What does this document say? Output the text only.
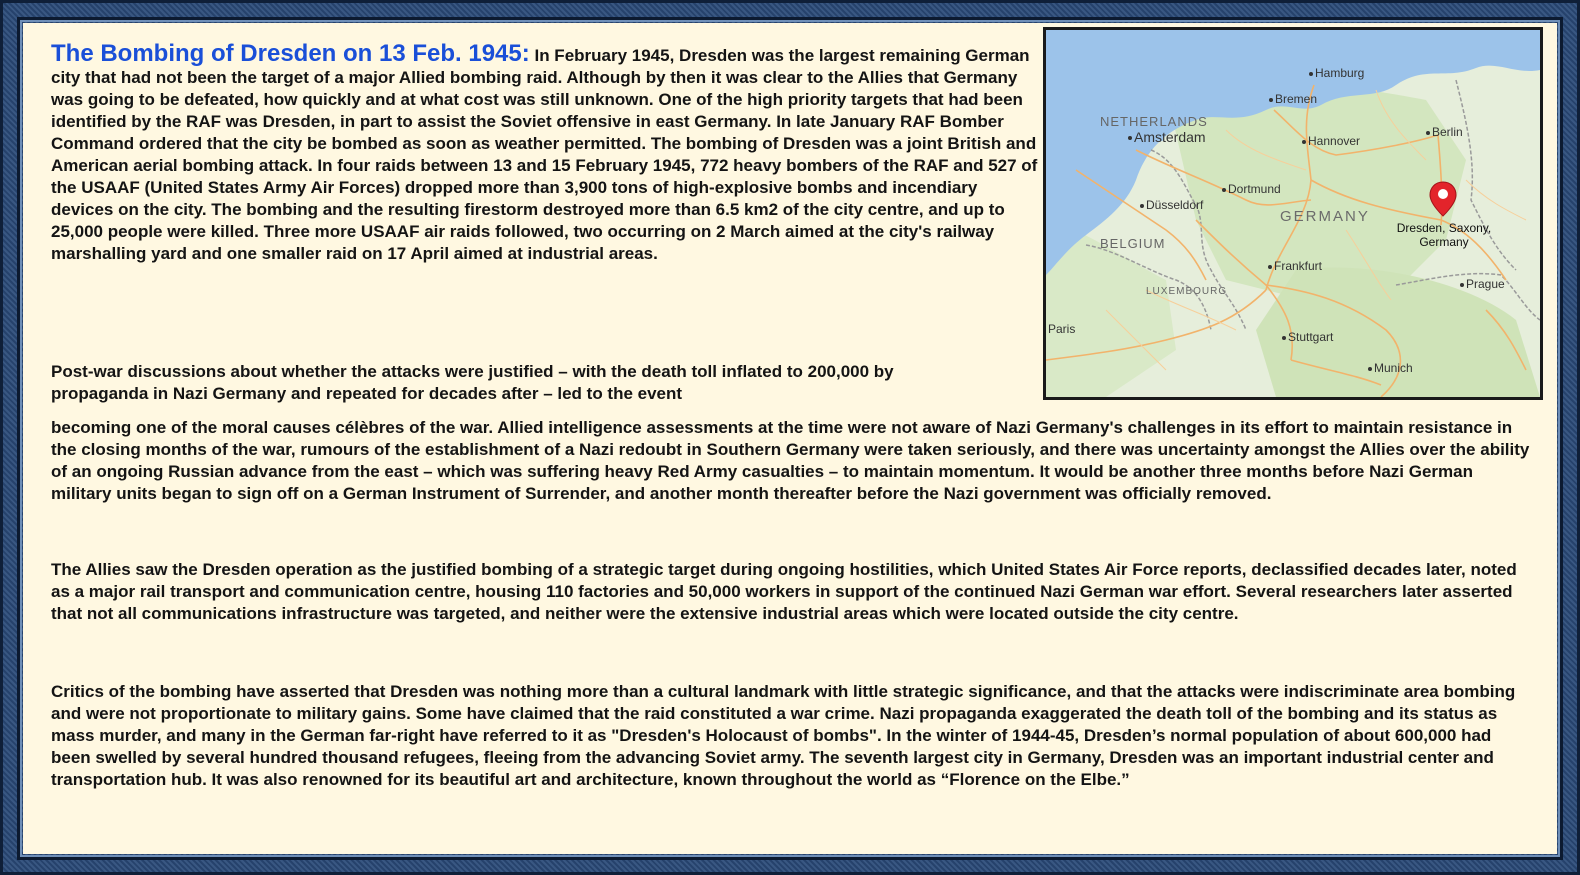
The Bombing of Dresden on 13 Feb. 1945: In February 1945, Dresden was the largest remaining German city that had not been the target of a major Allied bombing raid. Although by then it was clear to the Allies that Germany was going to be defeated, how quickly and at what cost was still unknown. One of the high priority targets that had been identified by the RAF was Dresden, in part to assist the Soviet offensive in east Germany. In late January RAF Bomber Command ordered that the city be bombed as soon as weather permitted. The bombing of Dresden was a joint British and American aerial bombing attack. In four raids between 13 and 15 February 1945, 772 heavy bombers of the RAF and 527 of the USAAF (United States Army Air Forces) dropped more than 3,900 tons of high-explosive bombs and incendiary devices on the city. The bombing and the resulting firestorm destroyed more than 6.5 km2 of the city centre, and up to 25,000 people were killed. Three more USAAF air raids followed, two occurring on 2 March aimed at the city's railway marshalling yard and one smaller raid on 17 April aimed at industrial areas.
Hamburg
Bremen
NETHERLANDS
Amsterdam	Hannover
Berlin
Dortmund
Düsseldorf
GERMANY
BELGIUM
Frankfurt
LUXEMBOURG
Prague
Paris
Stuttgart
Munich
Dresden, Saxony,
Germany
Post-war discussions about whether the attacks were justified – with the death toll inflated to 200,000 by propaganda in Nazi Germany and repeated for decades after – led to the event
becoming one of the moral causes célèbres of the war. Allied intelligence assessments at the time were not aware of Nazi Germany's challenges in its effort to maintain resistance in the closing months of the war, rumours of the establishment of a Nazi redoubt in Southern Germany were taken seriously, and there was uncertainty amongst the Allies over the ability of an ongoing Russian advance from the east – which was suffering heavy Red Army casualties – to maintain momentum. It would be another three months before Nazi German military units began to sign off on a German Instrument of Surrender, and another month thereafter before the Nazi government was officially removed.
The Allies saw the Dresden operation as the justified bombing of a strategic target during ongoing hostilities, which United States Air Force reports, declassified decades later, noted as a major rail transport and communication centre, housing 110 factories and 50,000 workers in support of the continued Nazi German war effort. Several researchers later asserted that not all communications infrastructure was targeted, and neither were the extensive industrial areas which were located outside the city centre.
Critics of the bombing have asserted that Dresden was nothing more than a cultural landmark with little strategic significance, and that the attacks were indiscriminate area bombing and were not proportionate to military gains. Some have claimed that the raid constituted a war crime. Nazi propaganda exaggerated the death toll of the bombing and its status as mass murder, and many in the German far-right have referred to it as "Dresden's Holocaust of bombs". In the winter of 1944-45, Dresden’s normal population of about 600,000 had been swelled by several hundred thousand refugees, fleeing from the advancing Soviet army. The seventh largest city in Germany, Dresden was an important industrial center and transportation hub. It was also renowned for its beautiful art and architecture, known throughout the world as “Florence on the Elbe.”
